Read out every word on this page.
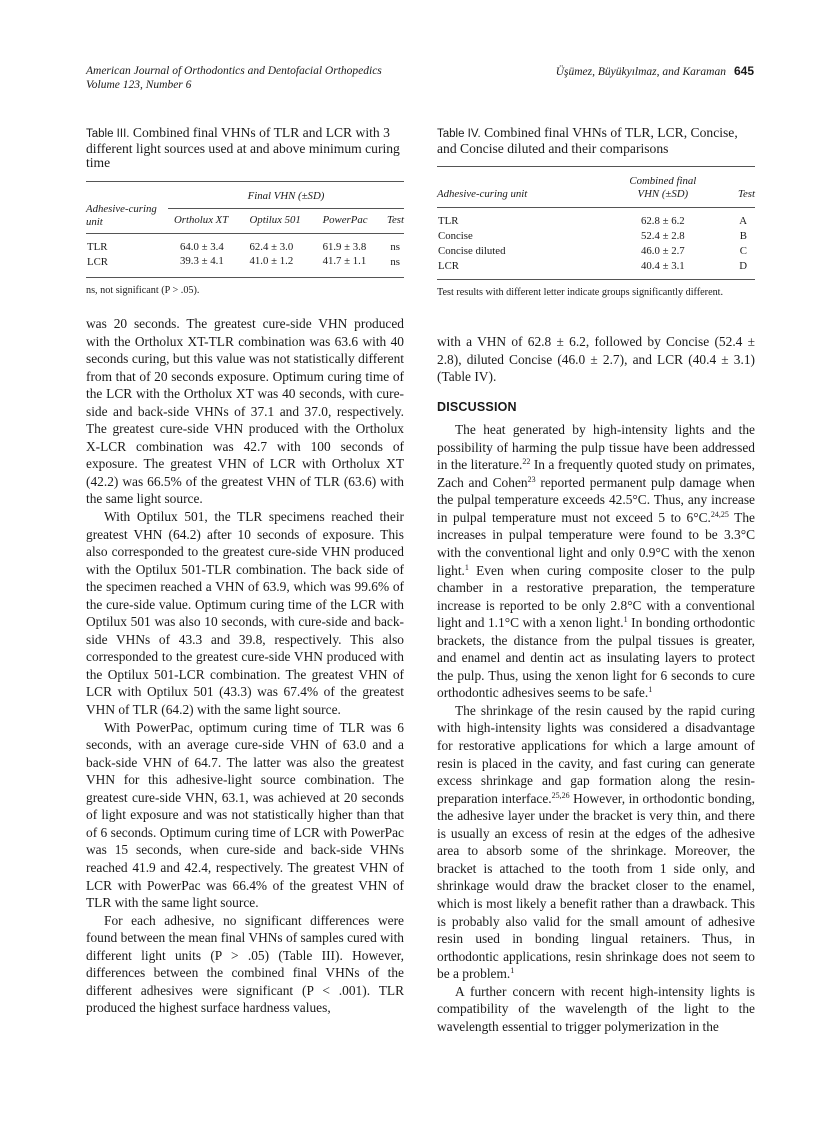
American Journal of Orthodontics and Dentofacial Orthopedics
Volume 123, Number 6
Üşümez, Büyükyılmaz, and Karaman 645

Table III. Combined final VHNs of TLR and LCR with 3 different light sources used at and above minimum curing time

Adhesive-curing unit	Final VHN (±SD)			
	Ortholux XT	Optilux 501	PowerPac	Test
TLR	64.0 ± 3.4	62.4 ± 3.0	61.9 ± 3.8	ns
LCR	39.3 ± 4.1	41.0 ± 1.2	41.7 ± 1.1	ns
ns, not significant (P > .05).

Table IV. Combined final VHNs of TLR, LCR, Concise, and Concise diluted and their comparisons

Adhesive-curing unit	Combined final
VHN (±SD)	Test
TLR	62.8 ± 6.2	A
Concise	52.4 ± 2.8	B
Concise diluted	46.0 ± 2.7	C
LCR	40.4 ± 3.1	D
Test results with different letter indicate groups significantly different.

was 20 seconds. The greatest cure-side VHN produced with the Ortholux XT-TLR combination was 63.6 with 40 seconds curing, but this value was not statistically different from that of 20 seconds exposure. Optimum curing time of the LCR with the Ortholux XT was 40 seconds, with cure-side and back-side VHNs of 37.1 and 37.0, respectively. The greatest cure-side VHN produced with the Ortholux X-LCR combination was 42.7 with 100 seconds of exposure. The greatest VHN of LCR with Ortholux XT (42.2) was 66.5% of the greatest VHN of TLR (63.6) with the same light source.

With Optilux 501, the TLR specimens reached their greatest VHN (64.2) after 10 seconds of exposure. This also corresponded to the greatest cure-side VHN produced with the Optilux 501-TLR combination. The back side of the specimen reached a VHN of 63.9, which was 99.6% of the cure-side value. Optimum curing time of the LCR with Optilux 501 was also 10 seconds, with cure-side and back-side VHNs of 43.3 and 39.8, respectively. This also corresponded to the greatest cure-side VHN produced with the Optilux 501-LCR combination. The greatest VHN of LCR with Optilux 501 (43.3) was 67.4% of the greatest VHN of TLR (64.2) with the same light source.

With PowerPac, optimum curing time of TLR was 6 seconds, with an average cure-side VHN of 63.0 and a back-side VHN of 64.7. The latter was also the greatest VHN for this adhesive-light source combination. The greatest cure-side VHN, 63.1, was achieved at 20 seconds of light exposure and was not statistically higher than that of 6 seconds. Optimum curing time of LCR with PowerPac was 15 seconds, when cure-side and back-side VHNs reached 41.9 and 42.4, respectively. The greatest VHN of LCR with PowerPac was 66.4% of the greatest VHN of TLR with the same light source.

For each adhesive, no significant differences were found between the mean final VHNs of samples cured with different light units (P > .05) (Table III). However, differences between the combined final VHNs of the different adhesives were significant (P < .001). TLR produced the highest surface hardness values,

with a VHN of 62.8 ± 6.2, followed by Concise (52.4 ± 2.8), diluted Concise (46.0 ± 2.7), and LCR (40.4 ± 3.1) (Table IV).

DISCUSSION

The heat generated by high-intensity lights and the possibility of harming the pulp tissue have been addressed in the literature.$^{22}$ In a frequently quoted study on primates, Zach and Cohen$^{23}$ reported permanent pulp damage when the pulpal temperature exceeds 42.5°C. Thus, any increase in pulpal temperature must not exceed 5 to 6°C.$^{24,25}$ The increases in pulpal temperature were found to be 3.3°C with the conventional light and only 0.9°C with the xenon light.$^1$ Even when curing composite closer to the pulp chamber in a restorative preparation, the temperature increase is reported to be only 2.8°C with a conventional light and 1.1°C with a xenon light.$^1$ In bonding orthodontic brackets, the distance from the pulpal tissues is greater, and enamel and dentin act as insulating layers to protect the pulp. Thus, using the xenon light for 6 seconds to cure orthodontic adhesives seems to be safe.$^1$

The shrinkage of the resin caused by the rapid curing with high-intensity lights was considered a disadvantage for restorative applications for which a large amount of resin is placed in the cavity, and fast curing can generate excess shrinkage and gap formation along the resin-preparation interface.$^{25,26}$ However, in orthodontic bonding, the adhesive layer under the bracket is very thin, and there is usually an excess of resin at the edges of the adhesive area to absorb some of the shrinkage. Moreover, the bracket is attached to the tooth from 1 side only, and shrinkage would draw the bracket closer to the enamel, which is most likely a benefit rather than a drawback. This is probably also valid for the small amount of adhesive resin used in bonding lingual retainers. Thus, in orthodontic applications, resin shrinkage does not seem to be a problem.$^1$

A further concern with recent high-intensity lights is compatibility of the wavelength of the light to the wavelength essential to trigger polymerization in the
